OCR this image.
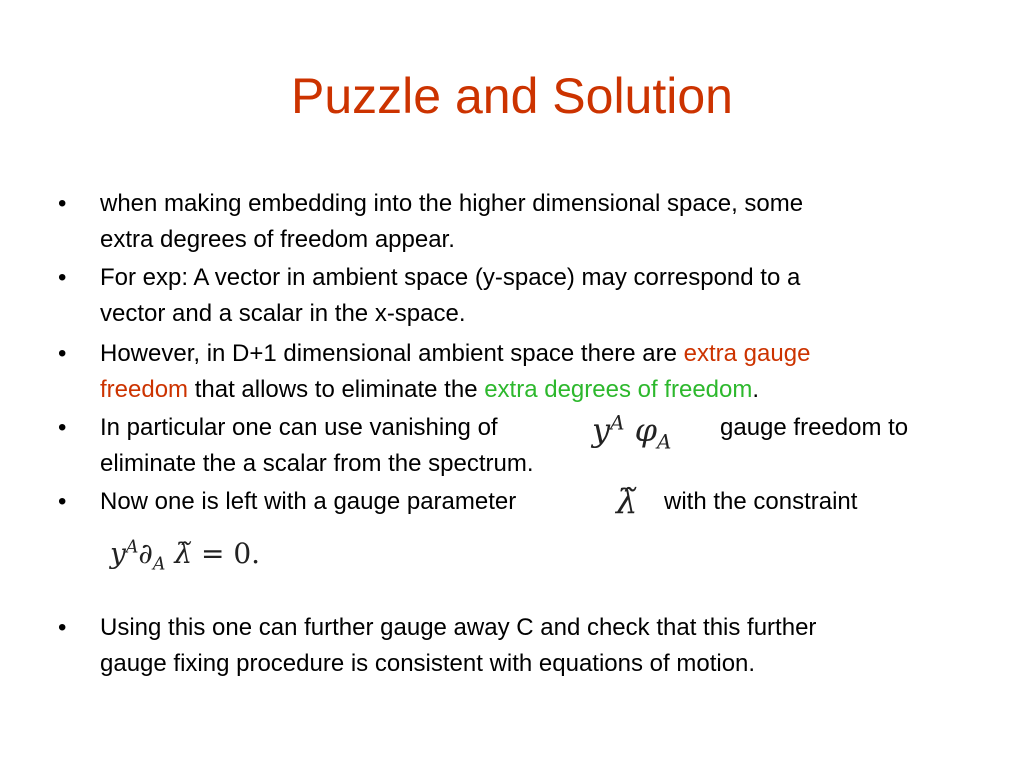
Puzzle and Solution
• when making embedding into the higher dimensional space, some
extra degrees of freedom appear.
• For exp: A vector in ambient space (y-space) may correspond to a
vector and a scalar in the x-space.
• However, in D+1 dimensional ambient space there are extra gauge
freedom that allows to eliminate the extra degrees of freedom.
• In particular one can use vanishing of	$y^A$ $\varphi_A$
gauge freedom to
eliminate the a scalar from the spectrum.
• Now one is left with a gauge parameter	λ̃ with the constraint
$y^A\partial_A$ λ̃ = 0.
• Using this one can further gauge away C and check that this further
gauge fixing procedure is consistent with equations of motion.
